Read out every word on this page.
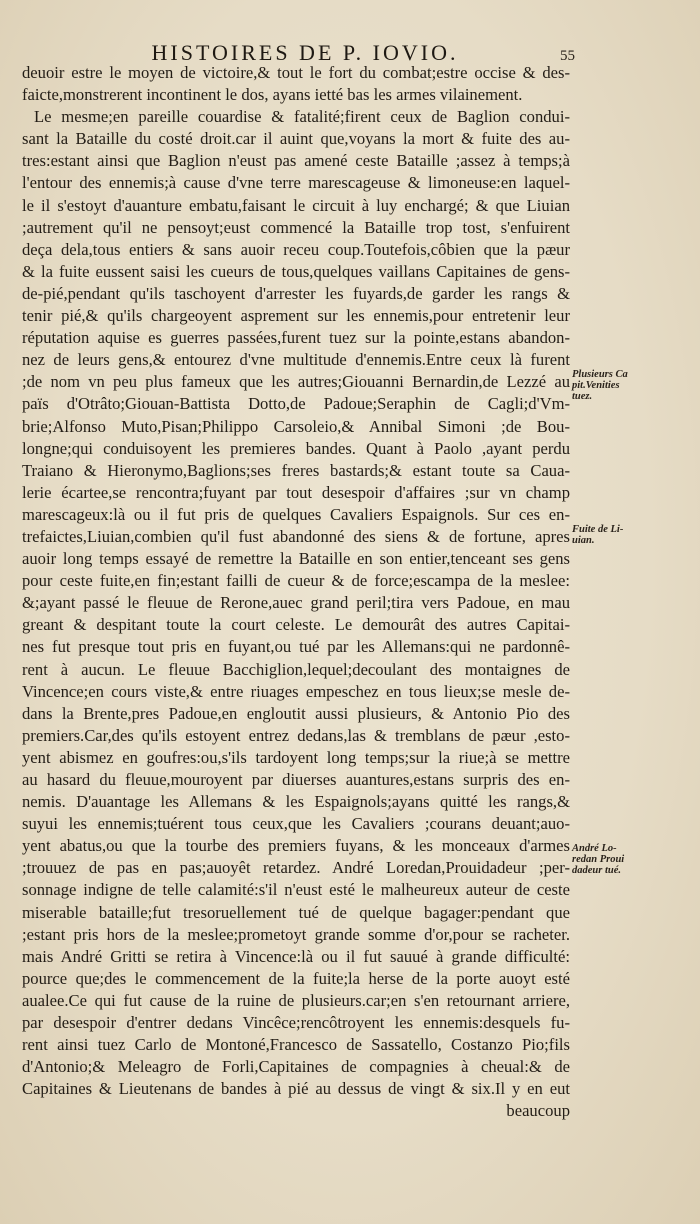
HISTOIRES DE P. IOVIO.	55
deuoir estre le moyen de victoire,& tout le fort du combat;estre occise & des-
faicte,monstrerent incontinent le dos, ayans ietté bas les armes vilainement.
Le mesme;en pareille couardise & fatalité;firent ceux de Baglion condui-
sant la Bataille du costé droit.car il auint que,voyans la mort & fuite des au-
tres:estant ainsi que Baglion n'eust pas amené ceste Bataille ;assez à temps;à
l'entour des ennemis;à cause d'vne terre marescageuse & limoneuse:en laquel-
le il s'estoyt d'auanture embatu,faisant le circuit à luy enchargé; & que Liuian
;autrement qu'il ne pensoyt;eust commencé la Bataille trop tost, s'enfuirent
deça dela,tous entiers & sans auoir receu coup.Toutefois,côbien que la pæur
& la fuite eussent saisi les cueurs de tous,quelques vaillans Capitaines de gens-
de-pié,pendant qu'ils taschoyent d'arrester les fuyards,de garder les rangs &
tenir pié,& qu'ils chargeoyent asprement sur les ennemis,pour entretenir leur
réputation aquise es guerres passées,furent tuez sur la pointe,estans abandon-
nez de leurs gens,& entourez d'vne multitude d'ennemis.Entre ceux là furent
;de nom vn peu plus fameux que les autres;Giouanni Bernardin,de Lezzé au
païs d'Otrâto;Giouan-Battista Dotto,de Padoue;Seraphin de Cagli;d'Vm-
brie;Alfonso Muto,Pisan;Philippo Carsoleio,& Annibal Simoni ;de Bou-
longne;qui conduisoyent les premieres bandes. Quant à Paolo ,ayant perdu
Traiano & Hieronymo,Baglions;ses freres bastards;& estant toute sa Caua-
lerie écartee,se rencontra;fuyant par tout desespoir d'affaires ;sur vn champ
marescageux:là ou il fut pris de quelques Cavaliers Espaignols. Sur ces en-
trefaictes,Liuian,combien qu'il fust abandonné des siens & de fortune, apres
auoir long temps essayé de remettre la Bataille en son entier,tenceant ses gens
pour ceste fuite,en fin;estant failli de cueur & de force;escampa de la meslee:
&;ayant passé le fleuue de Rerone,auec grand peril;tira vers Padoue, en mau
greant & despitant toute la court celeste. Le demourât des autres Capitai-
nes fut presque tout pris en fuyant,ou tué par les Allemans:qui ne pardonnê-
rent à aucun. Le fleuue Bacchiglion,lequel;decoulant des montaignes de
Vincence;en cours viste,& entre riuages empeschez en tous lieux;se mesle de-
dans la Brente,pres Padoue,en engloutit aussi plusieurs, & Antonio Pio des
premiers.Car,des qu'ils estoyent entrez dedans,las & tremblans de pæur ,esto-
yent abismez en goufres:ou,s'ils tardoyent long temps;sur la riue;à se mettre
au hasard du fleuue,mouroyent par diuerses auantures,estans surpris des en-
nemis. D'auantage les Allemans & les Espaignols;ayans quitté les rangs,&
suyui les ennemis;tuérent tous ceux,que les Cavaliers ;courans deuant;auo-
yent abatus,ou que la tourbe des premiers fuyans, & les monceaux d'armes
;trouuez de pas en pas;auoyêt retardez. André Loredan,Prouidadeur ;per-
sonnage indigne de telle calamité:s'il n'eust esté le malheureux auteur de ceste
miserable bataille;fut tresoruellement tué de quelque bagager:pendant que
;estant pris hors de la meslee;prometoyt grande somme d'or,pour se racheter.
mais André Gritti se retira à Vincence:là ou il fut sauué à grande difficulté:
pource que;des le commencement de la fuite;la herse de la porte auoyt esté
aualee.Ce qui fut cause de la ruine de plusieurs.car;en s'en retournant arriere,
par desespoir d'entrer dedans Vincêce;rencôtroyent les ennemis:desquels fu-
rent ainsi tuez Carlo de Montoné,Francesco de Sassatello, Costanzo Pio;fils
d'Antonio;& Meleagro de Forli,Capitaines de compagnies à cheual:& de
Capitaines & Lieutenans de bandes à pié au dessus de vingt & six.Il y en eut
beaucoup
Plusieurs Ca
pit.Venities
tuez.
Fuite de Li-
uian.
André Lo-
redan Proui
dadeur tué.
